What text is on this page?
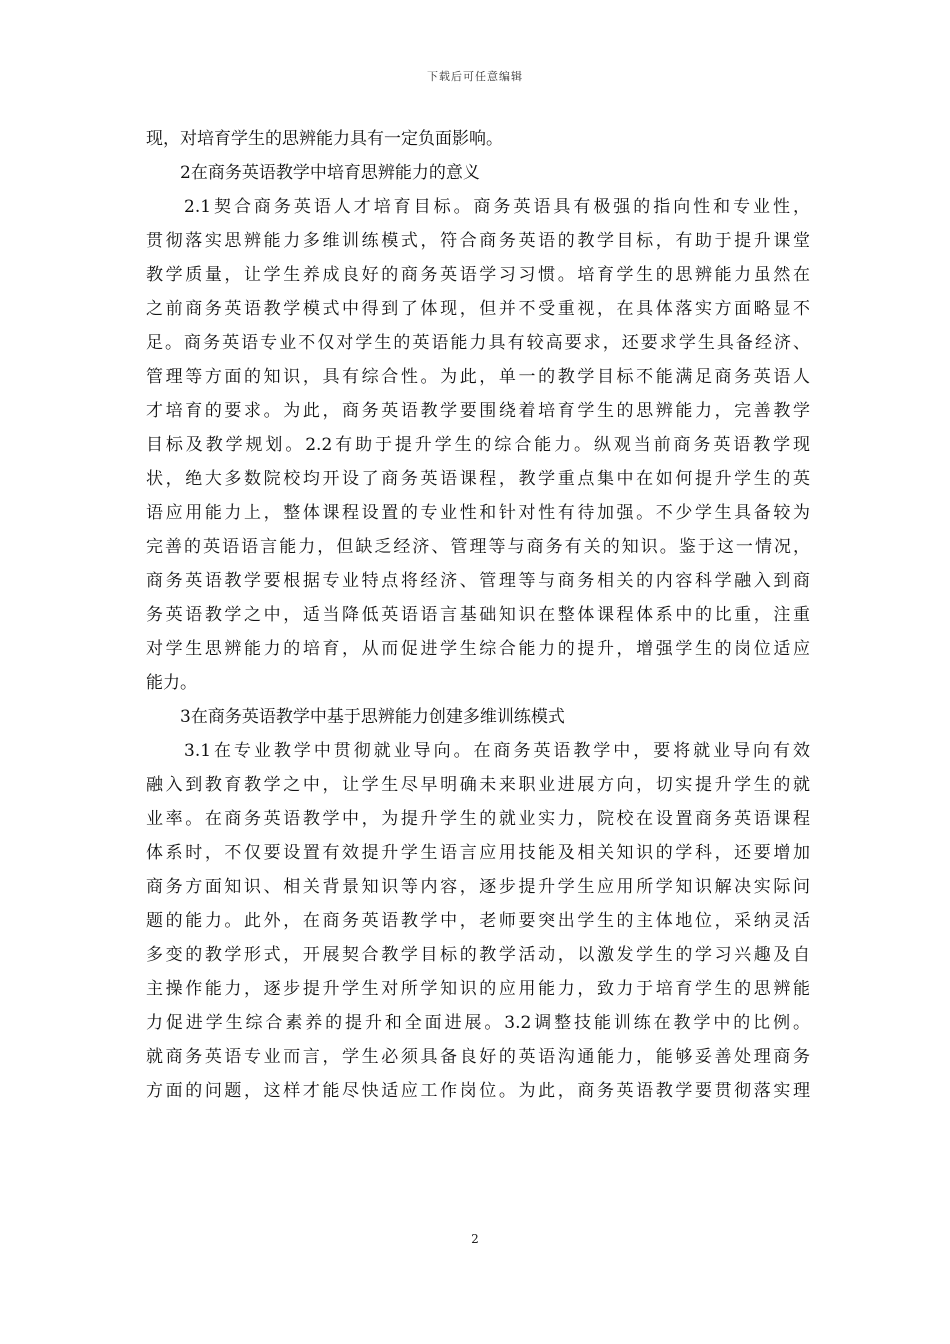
下载后可任意编辑
现，对培育学生的思辨能力具有一定负面影响。
2在商务英语教学中培育思辨能力的意义
2.1契合商务英语人才培育目标。商务英语具有极强的指向性和专业性，
贯彻落实思辨能力多维训练模式，符合商务英语的教学目标，有助于提升课堂
教学质量，让学生养成良好的商务英语学习习惯。培育学生的思辨能力虽然在
之前商务英语教学模式中得到了体现，但并不受重视，在具体落实方面略显不
足。商务英语专业不仅对学生的英语能力具有较高要求，还要求学生具备经济、
管理等方面的知识，具有综合性。为此，单一的教学目标不能满足商务英语人
才培育的要求。为此，商务英语教学要围绕着培育学生的思辨能力，完善教学
目标及教学规划。2.2有助于提升学生的综合能力。纵观当前商务英语教学现
状，绝大多数院校均开设了商务英语课程，教学重点集中在如何提升学生的英
语应用能力上，整体课程设置的专业性和针对性有待加强。不少学生具备较为
完善的英语语言能力，但缺乏经济、管理等与商务有关的知识。鉴于这一情况，
商务英语教学要根据专业特点将经济、管理等与商务相关的内容科学融入到商
务英语教学之中，适当降低英语语言基础知识在整体课程体系中的比重，注重
对学生思辨能力的培育，从而促进学生综合能力的提升，增强学生的岗位适应
能力。
3在商务英语教学中基于思辨能力创建多维训练模式
3.1在专业教学中贯彻就业导向。在商务英语教学中，要将就业导向有效
融入到教育教学之中，让学生尽早明确未来职业进展方向，切实提升学生的就
业率。在商务英语教学中，为提升学生的就业实力，院校在设置商务英语课程
体系时，不仅要设置有效提升学生语言应用技能及相关知识的学科，还要增加
商务方面知识、相关背景知识等内容，逐步提升学生应用所学知识解决实际问
题的能力。此外，在商务英语教学中，老师要突出学生的主体地位，采纳灵活
多变的教学形式，开展契合教学目标的教学活动，以激发学生的学习兴趣及自
主操作能力，逐步提升学生对所学知识的应用能力，致力于培育学生的思辨能
力促进学生综合素养的提升和全面进展。3.2调整技能训练在教学中的比例。
就商务英语专业而言，学生必须具备良好的英语沟通能力，能够妥善处理商务
方面的问题，这样才能尽快适应工作岗位。为此，商务英语教学要贯彻落实理
2
